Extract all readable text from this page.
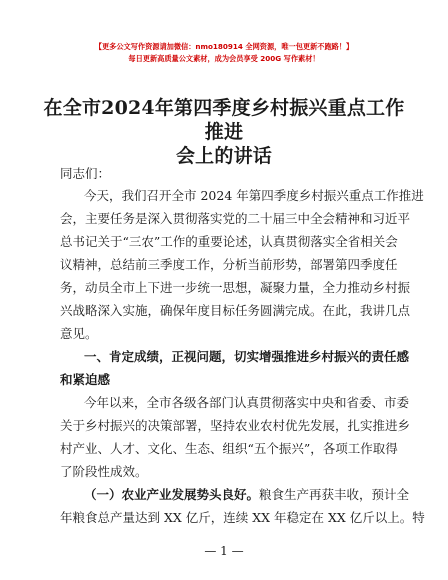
【更多公文写作资源请加微信：nmo180914 全网资源，唯一包更新不跑路！】
每日更新高质量公文素材，成为会员享受 200G 写作素材！
在全市2024年第四季度乡村振兴重点工作推进
会上的讲话
同志们：
今天，我们召开全市 2024 年第四季度乡村振兴重点工作推进
会，主要任务是深入贯彻落实党的二十届三中全会精神和习近平
总书记关于“三农”工作的重要论述，认真贯彻落实全省相关会
议精神，总结前三季度工作，分析当前形势，部署第四季度任
务，动员全市上下进一步统一思想，凝聚力量，全力推动乡村振
兴战略深入实施，确保年度目标任务圆满完成。在此，我讲几点
意见。
一、肯定成绩，正视问题，切实增强推进乡村振兴的责任感
和紧迫感
今年以来，全市各级各部门认真贯彻落实中央和省委、市委
关于乡村振兴的决策部署，坚持农业农村优先发展，扎实推进乡
村产业、人才、文化、生态、组织“五个振兴”，各项工作取得
了阶段性成效。
（一）农业产业发展势头良好。粮食生产再获丰收，预计全
年粮食总产量达到 XX 亿斤，连续 XX 年稳定在 XX 亿斤以上。特
— 1 —
